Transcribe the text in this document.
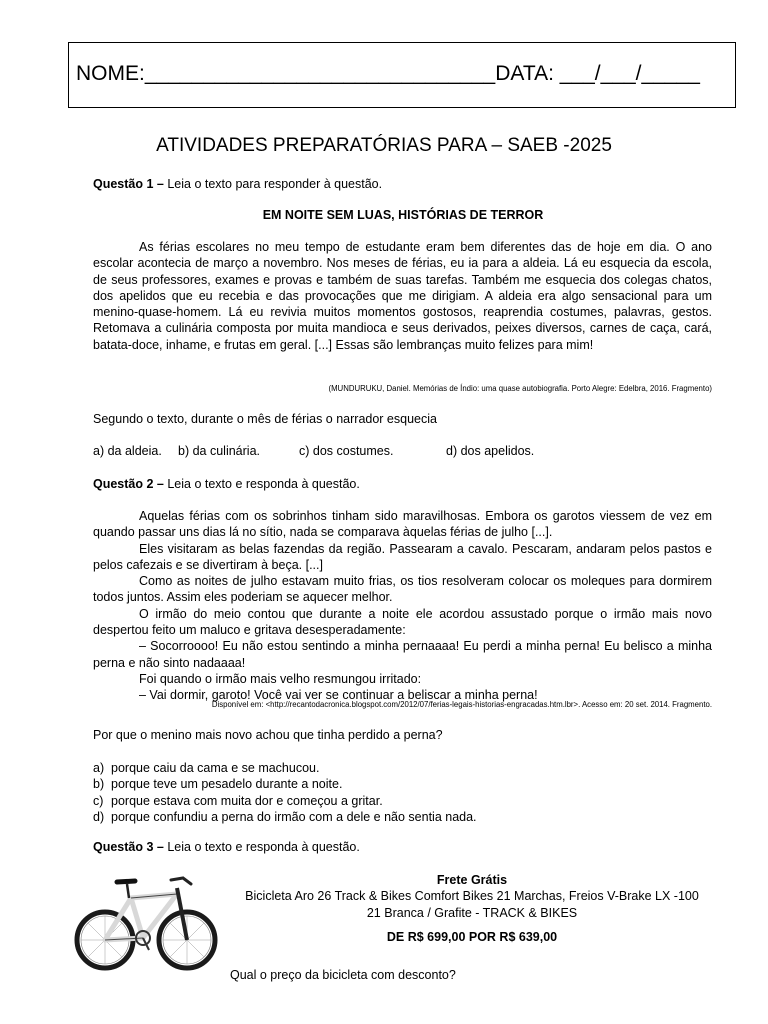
NOME:______________________________DATA: ___/___/_____
ATIVIDADES PREPARATÓRIAS PARA – SAEB -2025
Questão 1 – Leia o texto para responder à questão.
EM NOITE SEM LUAS, HISTÓRIAS DE TERROR

As férias escolares no meu tempo de estudante eram bem diferentes das de hoje em dia. O ano escolar acontecia de março a novembro. Nos meses de férias, eu ia para a aldeia. Lá eu esquecia da escola, de seus professores, exames e provas e também de suas tarefas. Também me esquecia dos colegas chatos, dos apelidos que eu recebia e das provocações que me dirigiam. A aldeia era algo sensacional para um menino-quase-homem. Lá eu revivia muitos momentos gostosos, reaprendia costumes, palavras, gestos. Retomava a culinária composta por muita mandioca e seus derivados, peixes diversos, carnes de caça, cará, batata-doce, inhame, e frutas em geral. [...] Essas são lembranças muito felizes para mim!

(MUNDURUKU, Daniel. Memórias de Índio: uma quase autobiografia. Porto Alegre: Edelbra, 2016. Fragmento)
Segundo o texto, durante o mês de férias o narrador esquecia
a) da aldeia. b) da culinária.	c) dos costumes.	d) dos apelidos.
Questão 2 – Leia o texto e responda à questão.

Aquelas férias com os sobrinhos tinham sido maravilhosas. Embora os garotos viessem de vez em quando passar uns dias lá no sítio, nada se comparava àquelas férias de julho [...].

Eles visitaram as belas fazendas da região. Passearam a cavalo. Pescaram, andaram pelos pastos e pelos cafezais e se divertiram à beça. [...]

Como as noites de julho estavam muito frias, os tios resolveram colocar os moleques para dormirem todos juntos. Assim eles poderiam se aquecer melhor.

O irmão do meio contou que durante a noite ele acordou assustado porque o irmão mais novo despertou feito um maluco e gritava desesperadamente:

– Socorroooo! Eu não estou sentindo a minha pernaaaa! Eu perdi a minha perna! Eu belisco a minha perna e não sinto nadaaaa!

Foi quando o irmão mais velho resmungou irritado:

– Vai dormir, garoto! Você vai ver se continuar a beliscar a minha perna!

Disponível em: <http://recantodacronica.blogspot.com/2012/07/ferias-legais-historias-engracadas.htm.lbr>. Acesso em: 20 set. 2014. Fragmento.
Por que o menino mais novo achou que tinha perdido a perna?
a) porque caiu da cama e se machucou.
b) porque teve um pesadelo durante a noite.
c) porque estava com muita dor e começou a gritar.
d) porque confundiu a perna do irmão com a dele e não sentia nada.
Questão 3 – Leia o texto e responda à questão.
Frete Grátis
Bicicleta Aro 26 Track & Bikes Comfort Bikes 21 Marchas, Freios V-Brake LX -100
21 Branca / Grafite - TRACK & BIKES
DE R$ 699,00 POR R$ 639,00
Qual o preço da bicicleta com desconto?
